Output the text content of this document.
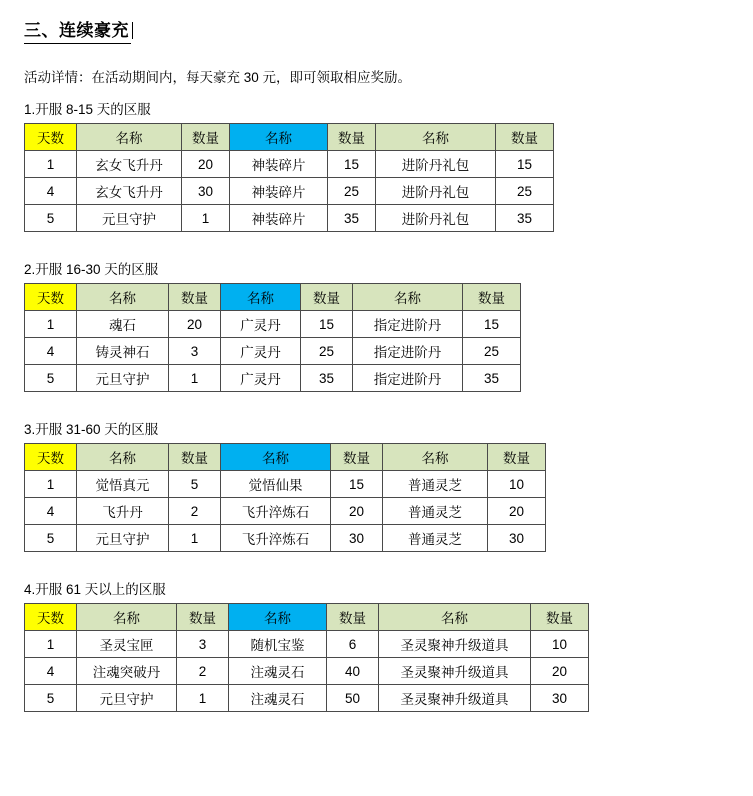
三、连续豪充
活动详情：在活动期间内，每天豪充 30 元，即可领取相应奖励。
1.开服 8-15 天的区服
天数	名称	数量	名称	数量	名称	数量
1	玄女飞升丹	20	神装碎片	15	进阶丹礼包	15
4	玄女飞升丹	30	神装碎片	25	进阶丹礼包	25
5	元旦守护	1	神装碎片	35	进阶丹礼包	35
2.开服 16-30 天的区服
天数	名称	数量	名称	数量	名称	数量
1	魂石	20	广灵丹	15	指定进阶丹	15
4	铸灵神石	3	广灵丹	25	指定进阶丹	25
5	元旦守护	1	广灵丹	35	指定进阶丹	35
3.开服 31-60 天的区服
天数	名称	数量	名称	数量	名称	数量
1	觉悟真元	5	觉悟仙果	15	普通灵芝	10
4	飞升丹	2	飞升淬炼石	20	普通灵芝	20
5	元旦守护	1	飞升淬炼石	30	普通灵芝	30
4.开服 61 天以上的区服
天数	名称	数量	名称	数量	名称	数量
1	圣灵宝匣	3	随机宝鉴	6	圣灵聚神升级道具	10
4	注魂突破丹	2	注魂灵石	40	圣灵聚神升级道具	20
5	元旦守护	1	注魂灵石	50	圣灵聚神升级道具	30
